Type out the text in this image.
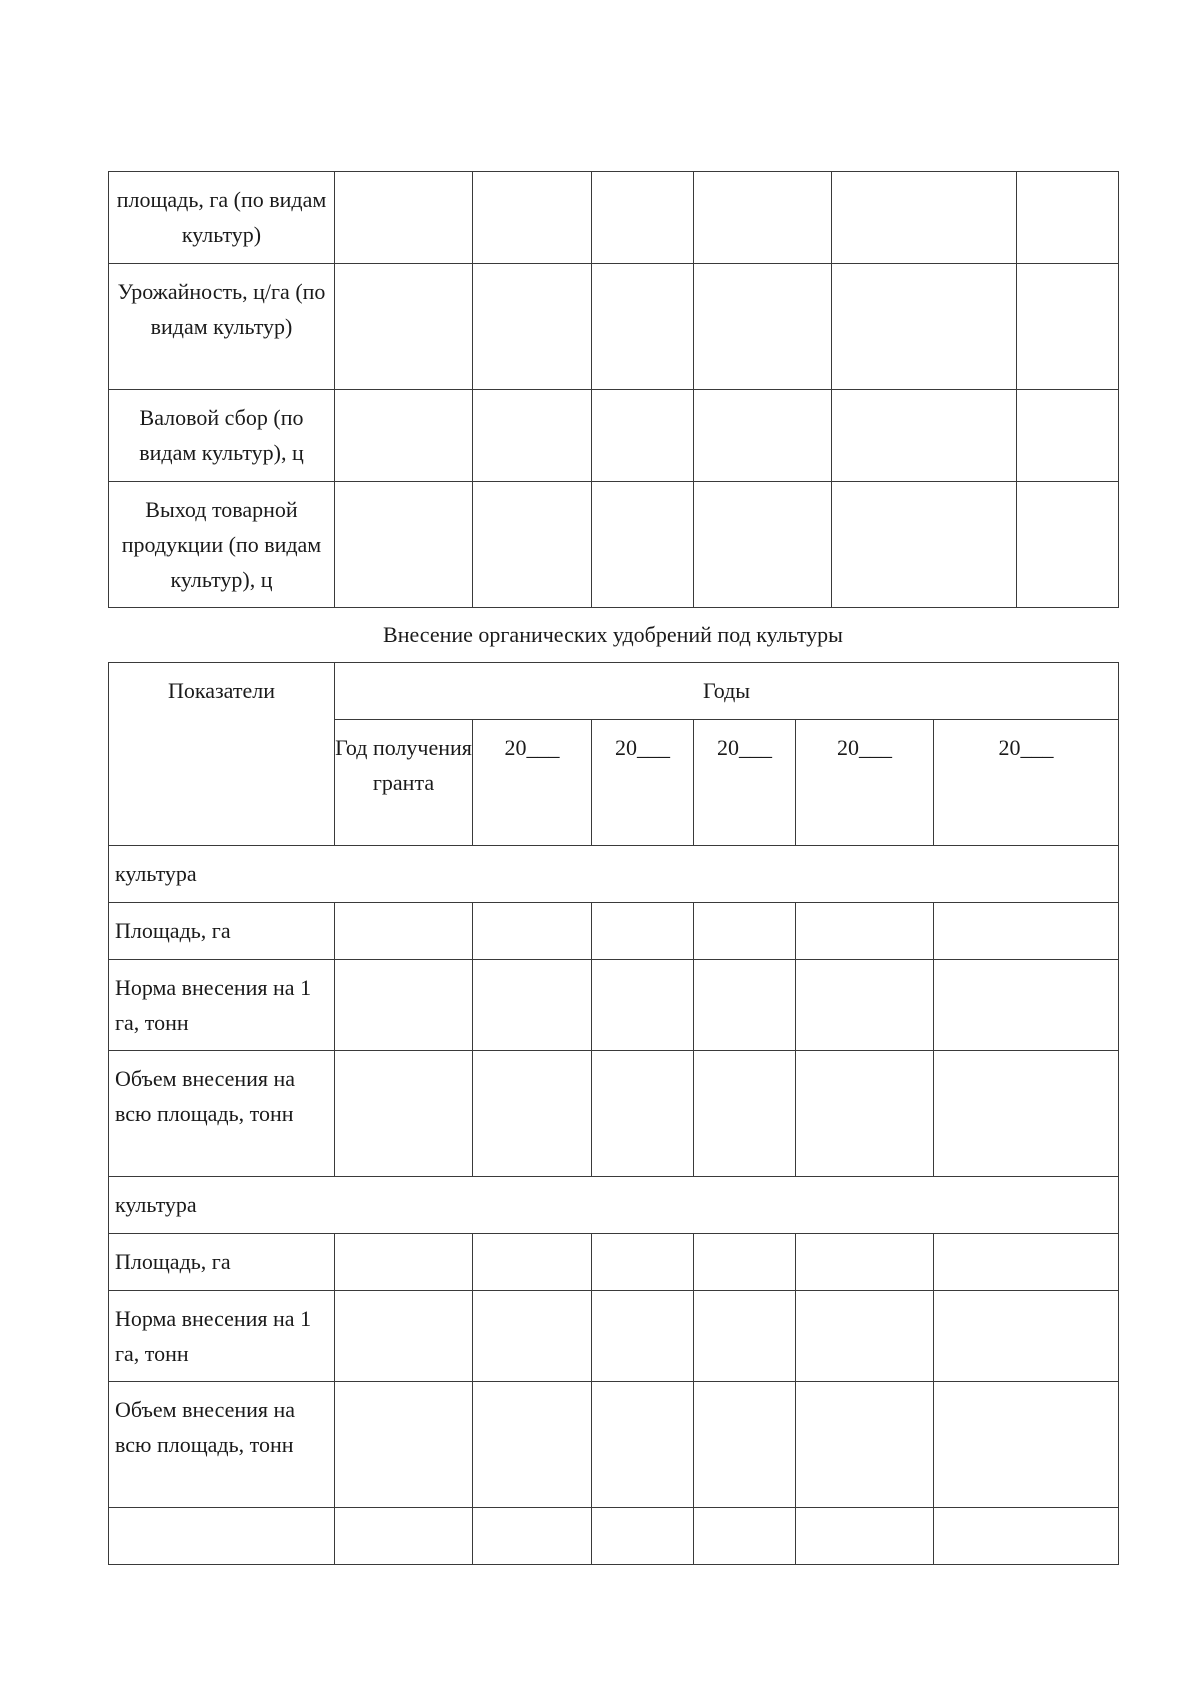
площадь, га (по видам культур)						
Урожайность, ц/га (по видам культур)						
Валовой сбор (по видам культур), ц						
Выход товарной продукции (по видам культур), ц						
Внесение органических удобрений под культуры
Показатели	Годы					
	Год получения гранта	20___	20___	20___	20___	20___
культура						
Площадь, га						
Норма внесения на 1 га, тонн						
Объем внесения на всю площадь, тонн						
культура						
Площадь, га						
Норма внесения на 1 га, тонн						
Объем внесения на всю площадь, тонн						
